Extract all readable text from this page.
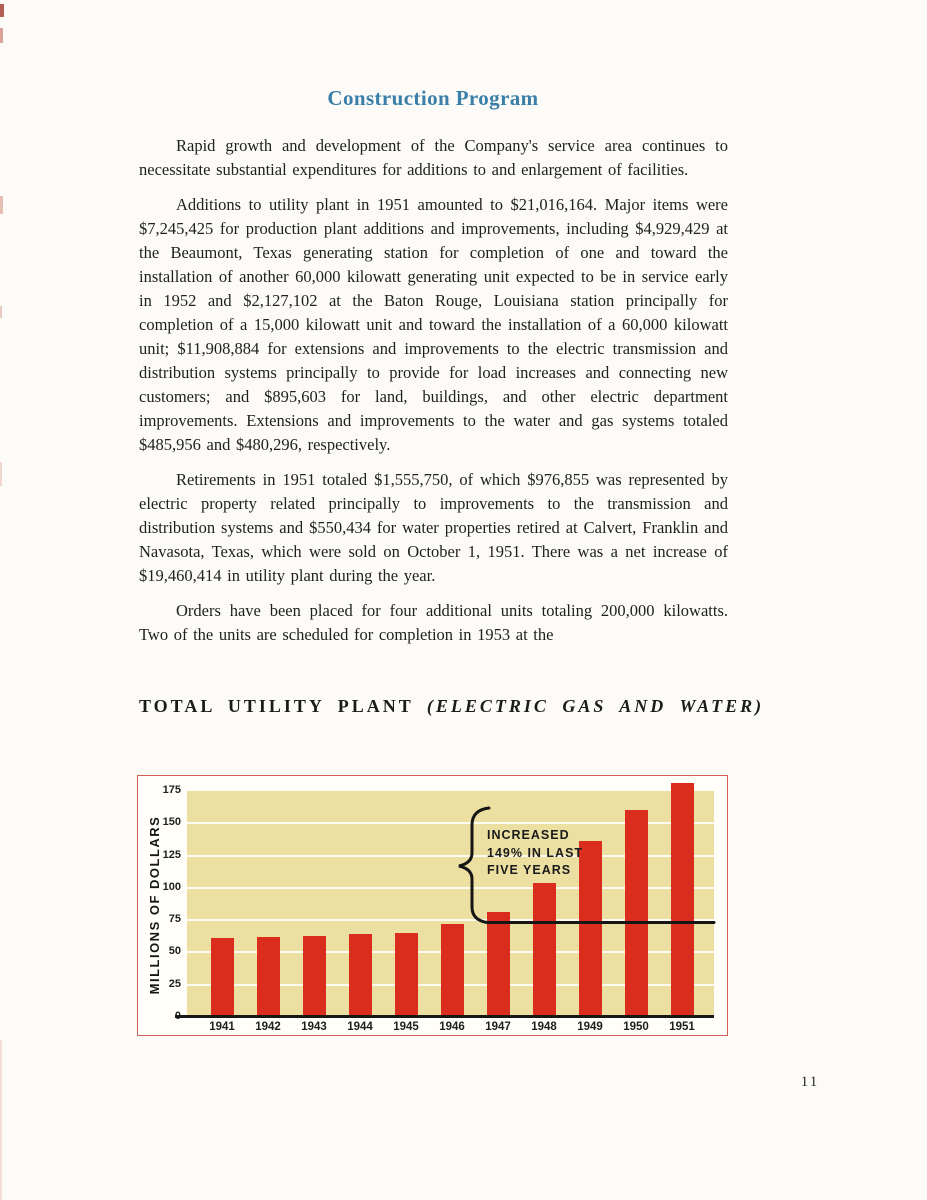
Construction Program

Rapid growth and development of the Company's service area continues to necessitate substantial expenditures for additions to and enlargement of facilities.

Additions to utility plant in 1951 amounted to $21,016,164. Major items were $7,245,425 for production plant additions and improvements, including $4,929,429 at the Beaumont, Texas generating station for completion of one and toward the installation of another 60,000 kilowatt generating unit expected to be in service early in 1952 and $2,127,102 at the Baton Rouge, Louisiana station principally for completion of a 15,000 kilowatt unit and toward the installation of a 60,000 kilowatt unit; $11,908,884 for extensions and improvements to the electric transmission and distribution systems principally to provide for load increases and connecting new customers; and $895,603 for land, buildings, and other electric department improvements. Extensions and improvements to the water and gas systems totaled $485,956 and $480,296, respectively.

Retirements in 1951 totaled $1,555,750, of which $976,855 was represented by electric property related principally to improvements to the transmission and distribution systems and $550,434 for water properties retired at Calvert, Franklin and Navasota, Texas, which were sold on October 1, 1951. There was a net increase of $19,460,414 in utility plant during the year.

Orders have been placed for four additional units totaling 200,000 kilowatts. Two of the units are scheduled for completion in 1953 at the

TOTAL UTILITY PLANT (ELECTRIC GAS AND WATER)
MILLIONS OF DOLLARS 25
50
75
100
125
150
175
1941	1942	1943	1944	1945	1946	1947	1948	1949	1950	1951
INCREASED
149% IN LAST
FIVE YEARS
11
